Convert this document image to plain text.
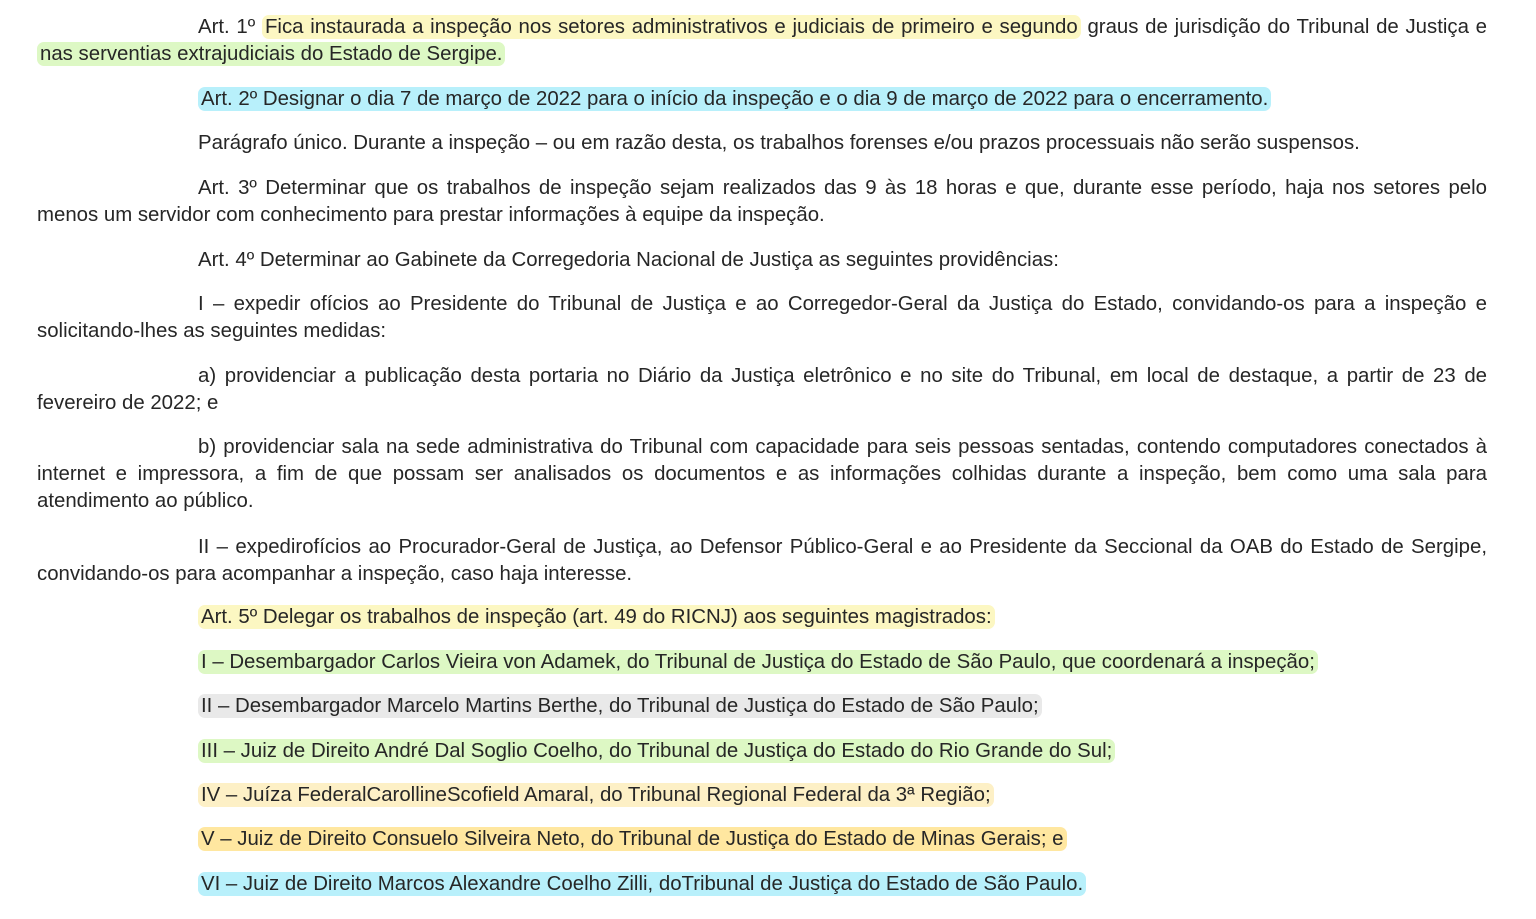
Art. 1º Fica instaurada a inspeção nos setores administrativos e judiciais de primeiro e segundo graus de jurisdição do Tribunal de Justiça e nas serventias extrajudiciais do Estado de Sergipe.

Art. 2º Designar o dia 7 de março de 2022 para o início da inspeção e o dia 9 de março de 2022 para o encerramento.

Parágrafo único. Durante a inspeção – ou em razão desta, os trabalhos forenses e/ou prazos processuais não serão suspensos.

Art. 3º Determinar que os trabalhos de inspeção sejam realizados das 9 às 18 horas e que, durante esse período, haja nos setores pelo menos um servidor com conhecimento para prestar informações à equipe da inspeção.

Art. 4º Determinar ao Gabinete da Corregedoria Nacional de Justiça as seguintes providências:

I – expedir ofícios ao Presidente do Tribunal de Justiça e ao Corregedor-Geral da Justiça do Estado, convidando-os para a inspeção e solicitando-lhes as seguintes medidas:

a) providenciar a publicação desta portaria no Diário da Justiça eletrônico e no site do Tribunal, em local de destaque, a partir de 23 de fevereiro de 2022; e

b) providenciar sala na sede administrativa do Tribunal com capacidade para seis pessoas sentadas, contendo computadores conectados à internet e impressora, a fim de que possam ser analisados os documentos e as informações colhidas durante a inspeção, bem como uma sala para atendimento ao público.

II – expedirofícios ao Procurador-Geral de Justiça, ao Defensor Público-Geral e ao Presidente da Seccional da OAB do Estado de Sergipe, convidando-os para acompanhar a inspeção, caso haja interesse.

Art. 5º Delegar os trabalhos de inspeção (art. 49 do RICNJ) aos seguintes magistrados:

I – Desembargador Carlos Vieira von Adamek, do Tribunal de Justiça do Estado de São Paulo, que coordenará a inspeção;

II – Desembargador Marcelo Martins Berthe, do Tribunal de Justiça do Estado de São Paulo;

III – Juiz de Direito André Dal Soglio Coelho, do Tribunal de Justiça do Estado do Rio Grande do Sul;

IV – Juíza FederalCarollineScofield Amaral, do Tribunal Regional Federal da 3ª Região;

V – Juiz de Direito Consuelo Silveira Neto, do Tribunal de Justiça do Estado de Minas Gerais; e

VI – Juiz de Direito Marcos Alexandre Coelho Zilli, doTribunal de Justiça do Estado de São Paulo.
